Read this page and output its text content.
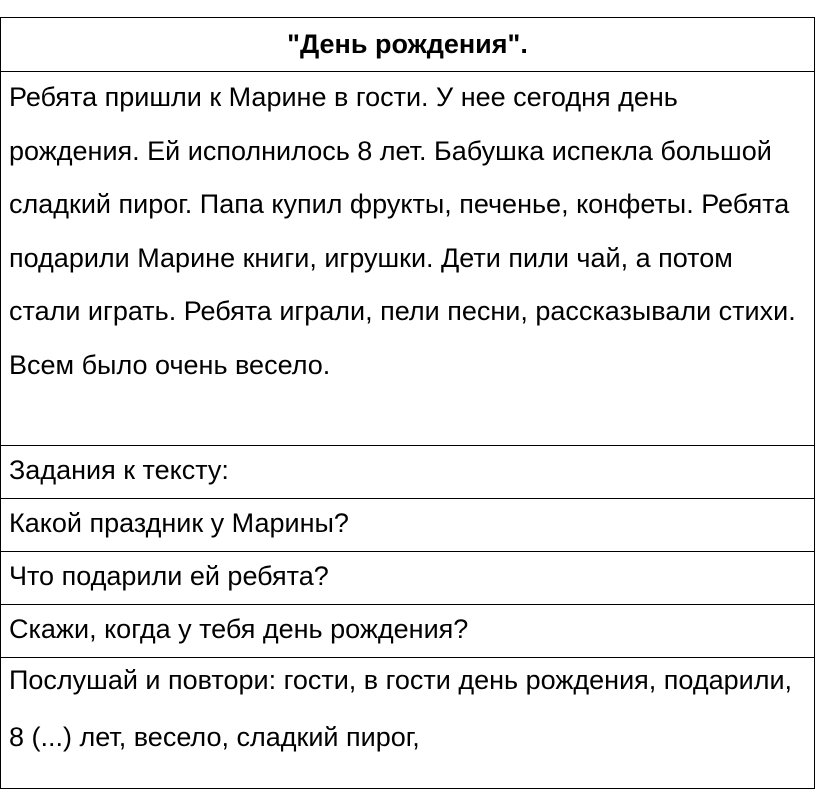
"День рождения".

Ребята пришли к Марине в гости. У нее сегодня день рождения. Ей исполнилось 8 лет. Бабушка испекла большой сладкий пирог. Папа купил фрукты, печенье, конфеты. Ребята подарили Марине книги, игрушки. Дети пили чай, а потом стали играть. Ребята играли, пели песни, рассказывали стихи. Всем было очень весело.

Задания к тексту:
Какой праздник у Марины?
Что подарили ей ребята?
Скажи, когда у тебя день рождения?

Послушай и повтори: гости, в гости день рождения, подарили, 8 (...) лет, весело, сладкий пирог,
